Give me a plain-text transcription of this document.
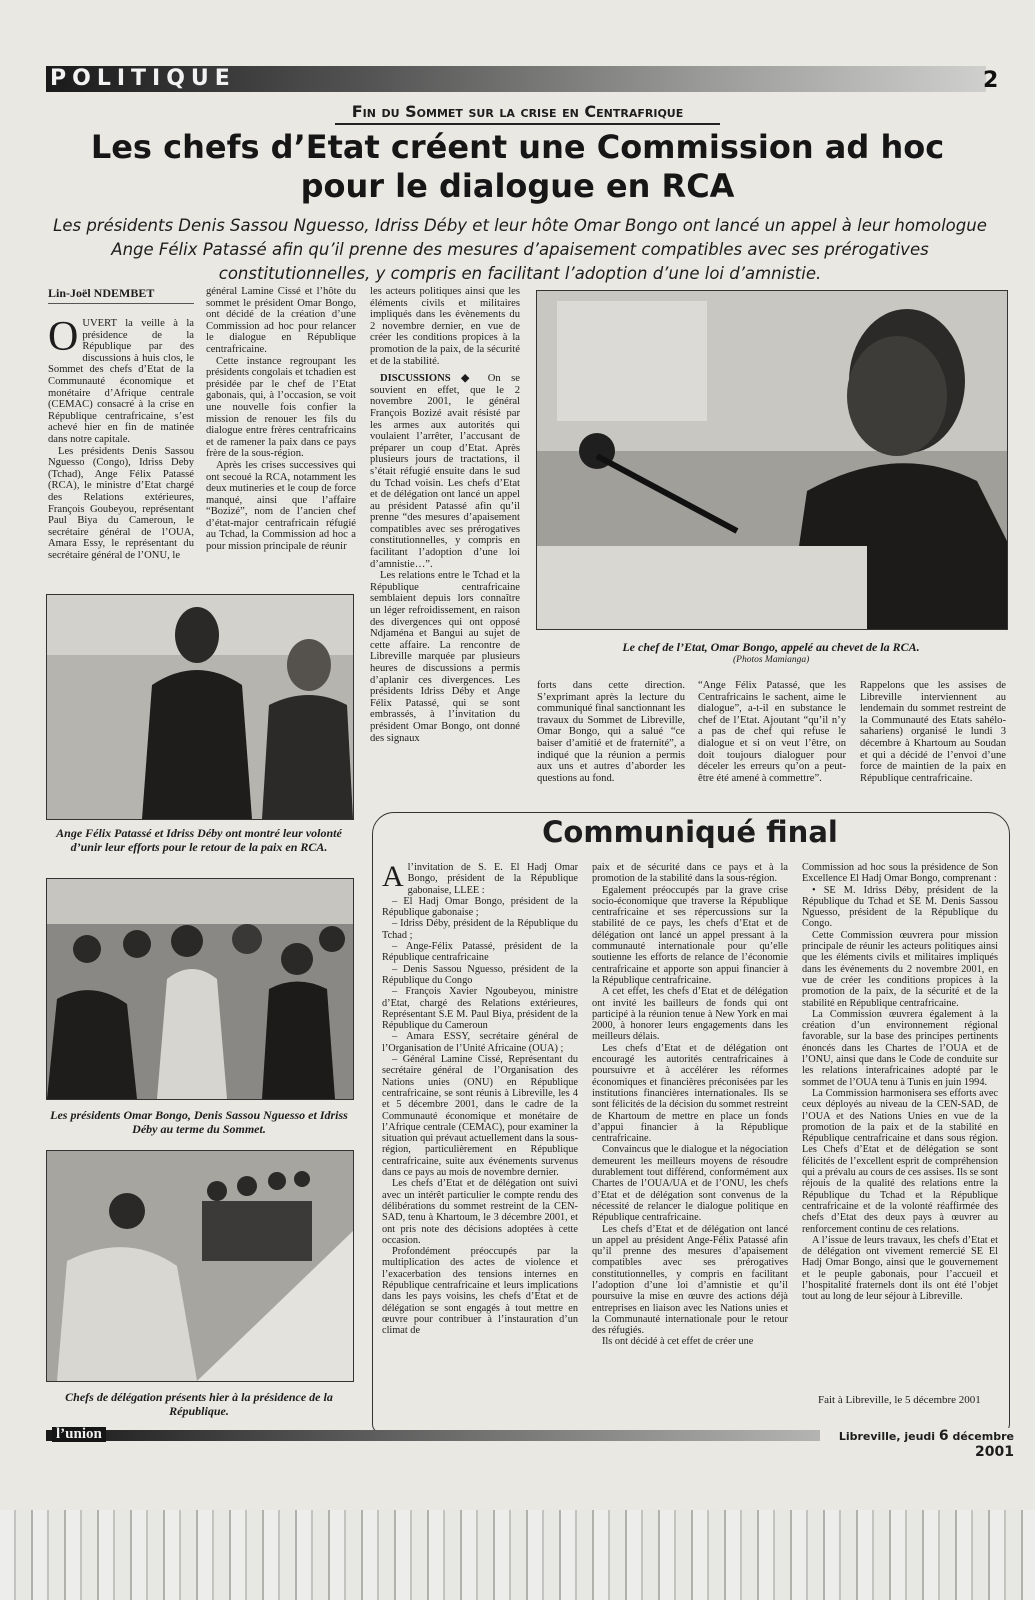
POLITIQUE	2
Fin du Sommet sur la crise en Centrafrique
Les chefs d’Etat créent une Commission ad hoc pour le dialogue en RCA
Les présidents Denis Sassou Nguesso, Idriss Déby et leur hôte Omar Bongo ont lancé un appel à leur homologue Ange Félix Patassé afin qu’il prenne des mesures d’apaisement compatibles avec ses prérogatives constitutionnelles, y compris en facilitant l’adoption d’une loi d’amnistie.
Lin-Joël NDEMBET
O UVERT la veille à la présidence de la République par des discussions à huis clos, le Sommet des chefs d’Etat de la Communauté économique et monétaire d’Afrique centrale (CEMAC) consacré à la crise en République centrafricaine, s’est achevé hier en fin de matinée dans notre capitale.

Les présidents Denis Sassou Nguesso (Congo), Idriss Deby (Tchad), Ange Félix Patassé (RCA), le ministre d’Etat chargé des Relations extérieures, François Goubeyou, représentant Paul Biya du Cameroun, le secrétaire général de l’OUA, Amara Essy, le représentant du secrétaire général de l’ONU, le

général Lamine Cissé et l’hôte du sommet le président Omar Bongo, ont décidé de la création d’une Commission ad hoc pour relancer le dialogue en République centrafricaine.

Cette instance regroupant les présidents congolais et tchadien est présidée par le chef de l’Etat gabonais, qui, à l’occasion, se voit une nouvelle fois confier la mission de renouer les fils du dialogue entre frères centrafricains et de ramener la paix dans ce pays frère de la sous-région.

Après les crises successives qui ont secoué la RCA, notamment les deux mutineries et le coup de force manqué, ainsi que l’affaire “Bozizé”, nom de l’ancien chef d’état-major centrafricain réfugié au Tchad, la Commission ad hoc a pour mission principale de réunir

les acteurs politiques ainsi que les éléments civils et militaires impliqués dans les évènements du 2 novembre dernier, en vue de créer les conditions propices à la promotion de la paix, de la sécurité et de la stabilité.

DISCUSSIONS ◆ On se souvient en effet, que le 2 novembre 2001, le général François Bozizé avait résisté par les armes aux autorités qui voulaient l’arrêter, l’accusant de préparer un coup d’Etat. Après plusieurs jours de tractations, il s’était réfugié ensuite dans le sud du Tchad voisin. Les chefs d’Etat et de délégation ont lancé un appel au président Patassé afin qu’il prenne “des mesures d’apaisement compatibles avec ses prérogatives constitutionnelles, y compris en facilitant l’adoption d’une loi d’amnistie…”.

Les relations entre le Tchad et la République centrafricaine semblaient depuis lors connaître un léger refroidissement, en raison des divergences qui ont opposé Ndjaména et Bangui au sujet de cette affaire. La rencontre de Libreville marquée par plusieurs heures de discussions a permis d’aplanir ces divergences. Les présidents Idriss Déby et Ange Félix Patassé, qui se sont embrassés, à l’invitation du président Omar Bongo, ont donné des signaux

Le chef de l’Etat, Omar Bongo, appelé au chevet de la RCA.
(Photos Mamianga)

forts dans cette direction. S’exprimant après la lecture du communiqué final sanctionnant les travaux du Sommet de Libreville, Omar Bongo, qui a salué “ce baiser d’amitié et de fraternité”, a indiqué que la réunion a permis aux uns et autres d’aborder les questions au fond.

“Ange Félix Patassé, que les Centrafricains le sachent, aime le dialogue”, a-t-il en substance le chef de l’Etat. Ajoutant “qu’il n’y a pas de chef qui refuse le dialogue et si on veut l’être, on doit toujours dialoguer pour déceler les erreurs qu’on a peut-être été amené à commettre”.

Rappelons que les assises de Libreville interviennent au lendemain du sommet restreint de la Communauté des Etats sahélo-sahariens) organisé le lundi 3 décembre à Khartoum au Soudan et qui a décidé de l’envoi d’une force de maintien de la paix en République centrafricaine.

Ange Félix Patassé et Idriss Déby ont montré leur volonté d’unir leur efforts pour le retour de la paix en RCA.
Les présidents Omar Bongo, Denis Sassou Nguesso et Idriss Déby au terme du Sommet.
Chefs de délégation présents hier à la présidence de la République.
Communiqué final
A l’invitation de S. E. El Hadj Omar Bongo, président de la République gabonaise, LLEE :

– El Hadj Omar Bongo, président de la République gabonaise ;

– Idriss Déby, président de la République du Tchad ;

– Ange-Félix Patassé, président de la République centrafricaine

– Denis Sassou Nguesso, président de la République du Congo

– François Xavier Ngoubeyou, ministre d’Etat, chargé des Relations extérieures, Représentant S.E M. Paul Biya, président de la République du Cameroun

– Amara ESSY, secrétaire général de l’Organisation de l’Unité Africaine (OUA) ;

– Général Lamine Cissé, Représentant du secrétaire général de l’Organisation des Nations unies (ONU) en République centrafricaine, se sont réunis à Libreville, les 4 et 5 décembre 2001, dans le cadre de la Communauté économique et monétaire de l’Afrique centrale (CEMAC), pour examiner la situation qui prévaut actuellement dans la sous-région, particulièrement en République centrafricaine, suite aux événements survenus dans ce pays au mois de novembre dernier.

Les chefs d’Etat et de délégation ont suivi avec un intérêt particulier le compte rendu des délibérations du sommet restreint de la CEN-SAD, tenu à Khartoum, le 3 décembre 2001, et ont pris note des décisions adoptées à cette occasion.

Profondément préoccupés par la multiplication des actes de violence et l’exacerbation des tensions internes en République centrafricaine et leurs implications dans les pays voisins, les chefs d’Etat et de délégation se sont engagés à tout mettre en œuvre pour contribuer à l’instauration d’un climat de

paix et de sécurité dans ce pays et à la promotion de la stabilité dans la sous-région.

Egalement préoccupés par la grave crise socio-économique que traverse la République centrafricaine et ses répercussions sur la stabilité de ce pays, les chefs d’Etat et de délégation ont lancé un appel pressant à la communauté internationale pour qu’elle soutienne les efforts de relance de l’économie centrafricaine et apporte son appui financier à la République centrafricaine.

A cet effet, les chefs d’Etat et de délégation ont invité les bailleurs de fonds qui ont participé à la réunion tenue à New York en mai 2000, à honorer leurs engagements dans les meilleurs délais.

Les chefs d’Etat et de délégation ont encouragé les autorités centrafricaines à poursuivre et à accélérer les réformes économiques et financières préconisées par les institutions financières internationales. Ils se sont félicités de la décision du sommet restreint de Khartoum de mettre en place un fonds d’appui financier à la République centrafricaine.

Convaincus que le dialogue et la négociation demeurent les meilleurs moyens de résoudre durablement tout différend, conformément aux Chartes de l’OUA/UA et de l’ONU, les chefs d’Etat et de délégation sont convenus de la nécessité de relancer le dialogue politique en République centrafricaine.

Les chefs d’Etat et de délégation ont lancé un appel au président Ange-Félix Patassé afin qu’il prenne des mesures d’apaisement compatibles avec ses prérogatives constitutionnelles, y compris en facilitant l’adoption d’une loi d’amnistie et qu’il poursuive la mise en œuvre des actions déjà entreprises en liaison avec les Nations unies et la Communauté internationale pour le retour des réfugiés.

Ils ont décidé à cet effet de créer une

Commission ad hoc sous la présidence de Son Excellence El Hadj Omar Bongo, comprenant :

• SE M. Idriss Déby, président de la République du Tchad et SE M. Denis Sassou Nguesso, président de la République du Congo.

Cette Commission œuvrera pour mission principale de réunir les acteurs politiques ainsi que les éléments civils et militaires impliqués dans les événements du 2 novembre 2001, en vue de créer les conditions propices à la promotion de la paix, de la sécurité et de la stabilité en République centrafricaine.

La Commission œuvrera également à la création d’un environnement régional favorable, sur la base des principes pertinents énoncés dans les Chartes de l’OUA et de l’ONU, ainsi que dans le Code de conduite sur les relations interafricaines adopté par le sommet de l’OUA tenu à Tunis en juin 1994.

La Commission harmonisera ses efforts avec ceux déployés au niveau de la CEN-SAD, de l’OUA et des Nations Unies en vue de la promotion de la paix et de la stabilité en République centrafricaine et dans sous région. Les Chefs d’Etat et de délégation se sont félicités de l’excellent esprit de compréhension qui a prévalu au cours de ces assises. Ils se sont réjouis de la qualité des relations entre la République du Tchad et la République centrafricaine et de la volonté réaffirmée des chefs d’Etat des deux pays à œuvrer au renforcement continu de ces relations.

A l’issue de leurs travaux, les chefs d’Etat et de délégation ont vivement remercié SE El Hadj Omar Bongo, ainsi que le gouvernement et le peuple gabonais, pour l’accueil et l’hospitalité fraternels dont ils ont été l’objet tout au long de leur séjour à Libreville.

Fait à Libreville, le 5 décembre 2001
l’union	Libreville, jeudi 6 décembre 2001
